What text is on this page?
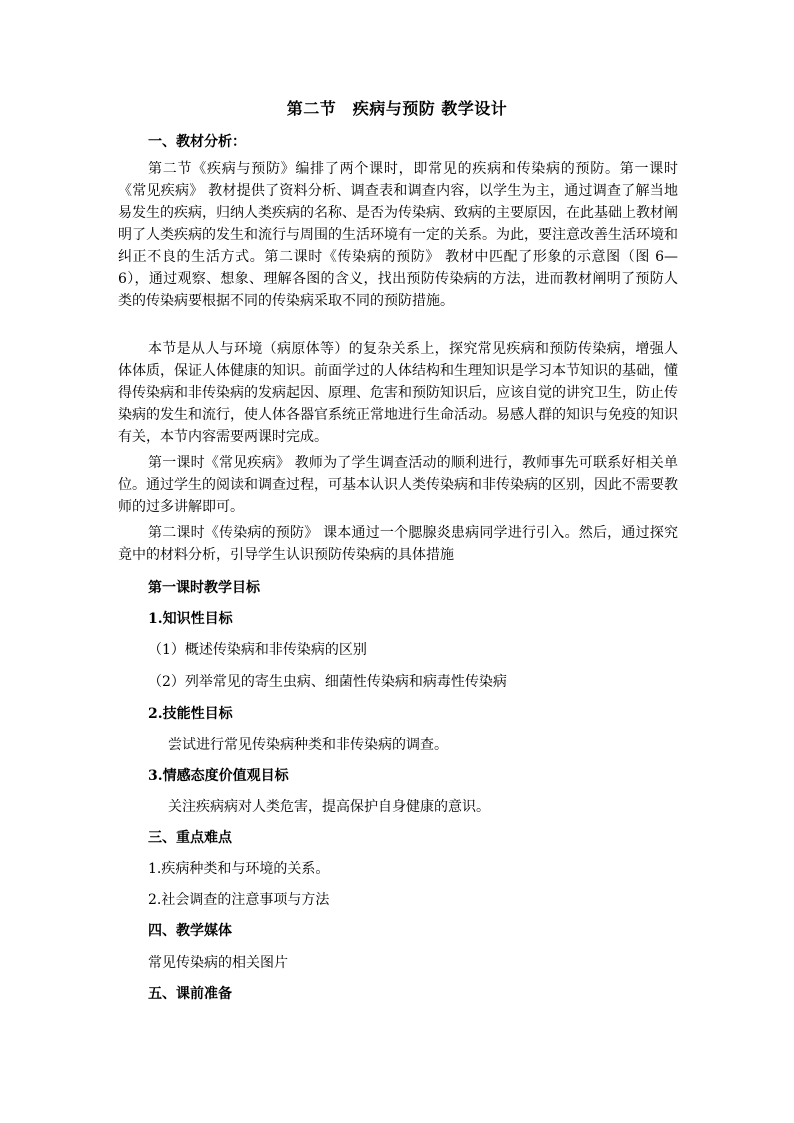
第二节　疾病与预防 教学设计
一、教材分析：
第二节《疾病与预防》编排了两个课时，即常见的疾病和传染病的预防。第一课时《常见疾病》 教材提供了资料分析、调查表和调查内容，以学生为主，通过调查了解当地易发生的疾病，归纳人类疾病的名称、是否为传染病、致病的主要原因，在此基础上教材阐明了人类疾病的发生和流行与周围的生活环境有一定的关系。为此，要注意改善生活环境和纠正不良的生活方式。第二课时《传染病的预防》 教材中匹配了形象的示意图（图 6—6），通过观察、想象、理解各图的含义，找出预防传染病的方法，进而教材阐明了预防人类的传染病要根据不同的传染病采取不同的预防措施。
本节是从人与环境（病原体等）的复杂关系上，探究常见疾病和预防传染病，增强人体体质，保证人体健康的知识。前面学过的人体结构和生理知识是学习本节知识的基础，懂得传染病和非传染病的发病起因、原理、危害和预防知识后，应该自觉的讲究卫生，防止传染病的发生和流行，使人体各器官系统正常地进行生命活动。易感人群的知识与免疫的知识有关，本节内容需要两课时完成。
第一课时《常见疾病》 教师为了学生调查活动的顺利进行，教师事先可联系好相关单位。通过学生的阅读和调查过程，可基本认识人类传染病和非传染病的区别，因此不需要教师的过多讲解即可。
第二课时《传染病的预防》 课本通过一个腮腺炎患病同学进行引入。然后，通过探究竟中的材料分析，引导学生认识预防传染病的具体措施
第一课时教学目标
1.知识性目标
（1）概述传染病和非传染病的区别
（2）列举常见的寄生虫病、细菌性传染病和病毒性传染病
2.技能性目标
尝试进行常见传染病种类和非传染病的调查。
3.情感态度价值观目标
关注疾病病对人类危害，提高保护自身健康的意识。
三、重点难点
1.疾病种类和与环境的关系。
2.社会调查的注意事项与方法
四、教学媒体
常见传染病的相关图片
五、课前准备
